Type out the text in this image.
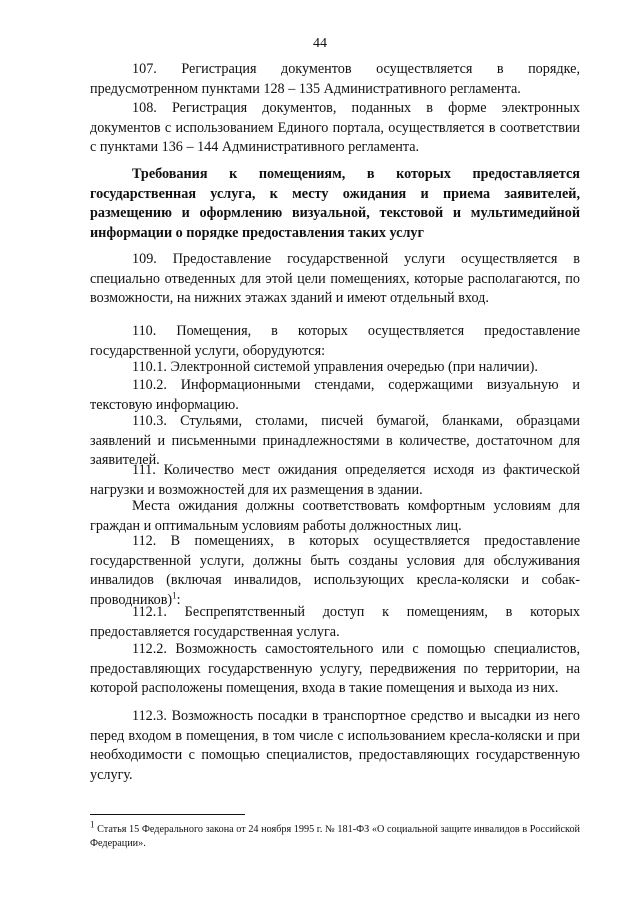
44

107. Регистрация документов осуществляется в порядке, предусмотренном пунктами 128 – 135 Административного регламента.

108. Регистрация документов, поданных в форме электронных документов с использованием Единого портала, осуществляется в соответствии с пунктами 136 – 144 Административного регламента.

Требования к помещениям, в которых предоставляется государственная услуга, к месту ожидания и приема заявителей, размещению и оформлению визуальной, текстовой и мультимедийной информации о порядке предоставления таких услуг

109. Предоставление государственной услуги осуществляется в специально отведенных для этой цели помещениях, которые располагаются, по возможности, на нижних этажах зданий и имеют отдельный вход.

110. Помещения, в которых осуществляется предоставление государственной услуги, оборудуются:

110.1. Электронной системой управления очередью (при наличии).

110.2. Информационными стендами, содержащими визуальную и текстовую информацию.

110.3. Стульями, столами, писчей бумагой, бланками, образцами заявлений и письменными принадлежностями в количестве, достаточном для заявителей.

111. Количество мест ожидания определяется исходя из фактической нагрузки и возможностей для их размещения в здании.

Места ожидания должны соответствовать комфортным условиям для граждан и оптимальным условиям работы должностных лиц.

112. В помещениях, в которых осуществляется предоставление государственной услуги, должны быть созданы условия для обслуживания инвалидов (включая инвалидов, использующих кресла-коляски и собак-проводников)$^1$:

112.1. Беспрепятственный доступ к помещениям, в которых предоставляется государственная услуга.

112.2. Возможность самостоятельного или с помощью специалистов, предоставляющих государственную услугу, передвижения по территории, на которой расположены помещения, входа в такие помещения и выхода из них.

112.3. Возможность посадки в транспортное средство и высадки из него перед входом в помещения, в том числе с использованием кресла-коляски и при необходимости с помощью специалистов, предоставляющих государственную услугу.

$^1$ Статья 15 Федерального закона от 24 ноября 1995 г. № 181-ФЗ «О социальной защите инвалидов в Российской Федерации».
